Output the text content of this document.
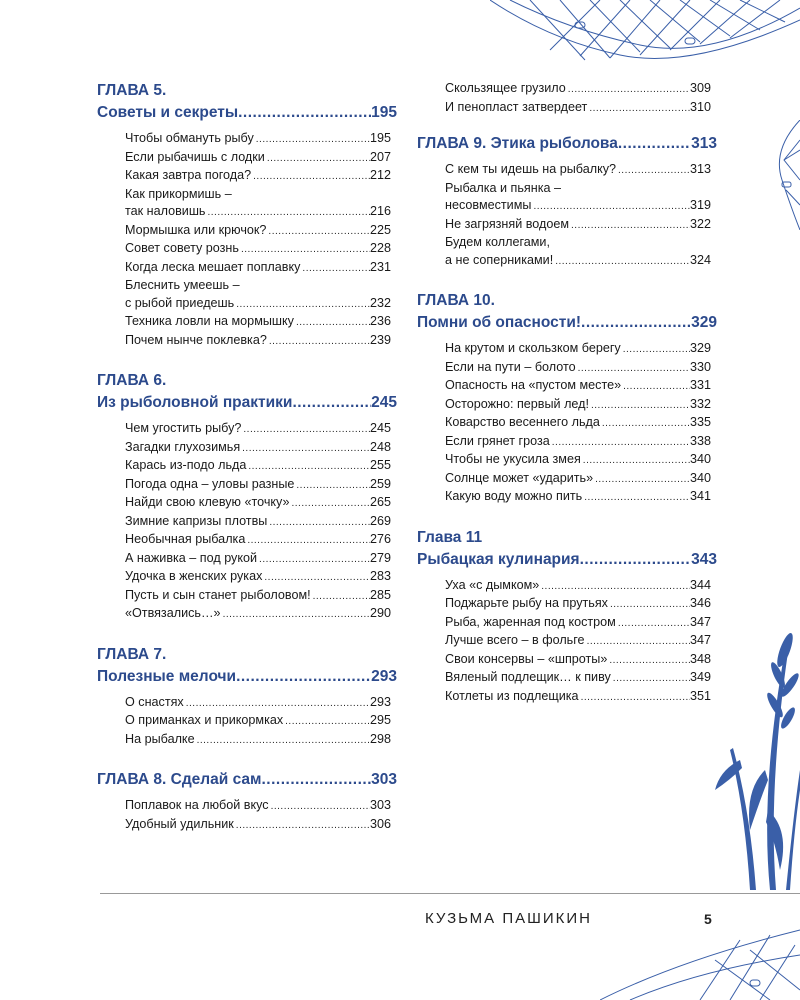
ГЛАВА 5.
Советы и секреты .....	195
Чтобы обмануть рыбу .....	195
Если рыбачишь с лодки .....	207
Какая завтра погода? .....	212
Как прикормишь –
так наловишь .....	216
Мормышка или крючок? .....	225
Совет совету рознь .....	228
Когда леска мешает поплавку .....	231
Блеснить умеешь –
с рыбой приедешь .....	232
Техника ловли на мормышку .....	236
Почем нынче поклевка? .....	239
ГЛАВА 6.
Из рыболовной практики .....	245
Чем угостить рыбу? .....	245
Загадки глухозимья .....	248
Карась из-подо льда .....	255
Погода одна – уловы разные .....	259
Найди свою клевую «точку» .....	265
Зимние капризы плотвы .....	269
Необычная рыбалка .....	276
А наживка – под рукой .....	279
Удочка в женских руках .....	283
Пусть и сын станет рыболовом! .....	285
«Отвязались…» .....	290
ГЛАВА 7.
Полезные мелочи .....	293
О снастях .....	293
О приманках и прикормках .....	295
На рыбалке .....	298
ГЛАВА 8. Сделай сам .....	303
Поплавок на любой вкус .....	303
Удобный удильник .....	306
Скользящее грузило .....	309
И пенопласт затвердеет .....	310
ГЛАВА 9. Этика рыболова .....	313
С кем ты идешь на рыбалку? .....	313
Рыбалка и пьянка –
несовместимы .....	319
Не загрязняй водоем .....	322
Будем коллегами,
а не соперниками! .....	324
ГЛАВА 10.
Помни об опасности! .....	329
На крутом и скользком берегу .....	329
Если на пути – болото .....	330
Опасность на «пустом месте» .....	331
Осторожно: первый лед! .....	332
Коварство весеннего льда .....	335
Если грянет гроза .....	338
Чтобы не укусила змея .....	340
Солнце может «ударить» .....	340
Какую воду можно пить .....	341
Глава 11
Рыбацкая кулинария .....	343
Уха «с дымком» .....	344
Поджарьте рыбу на прутьях .....	346
Рыба, жаренная под костром .....	347
Лучше всего – в фольге .....	347
Свои консервы – «шпроты» .....	348
Вяленый подлещик… к пиву .....	349
Котлеты из подлещика .....	351
КУЗЬМА ПАШИКИН	5
